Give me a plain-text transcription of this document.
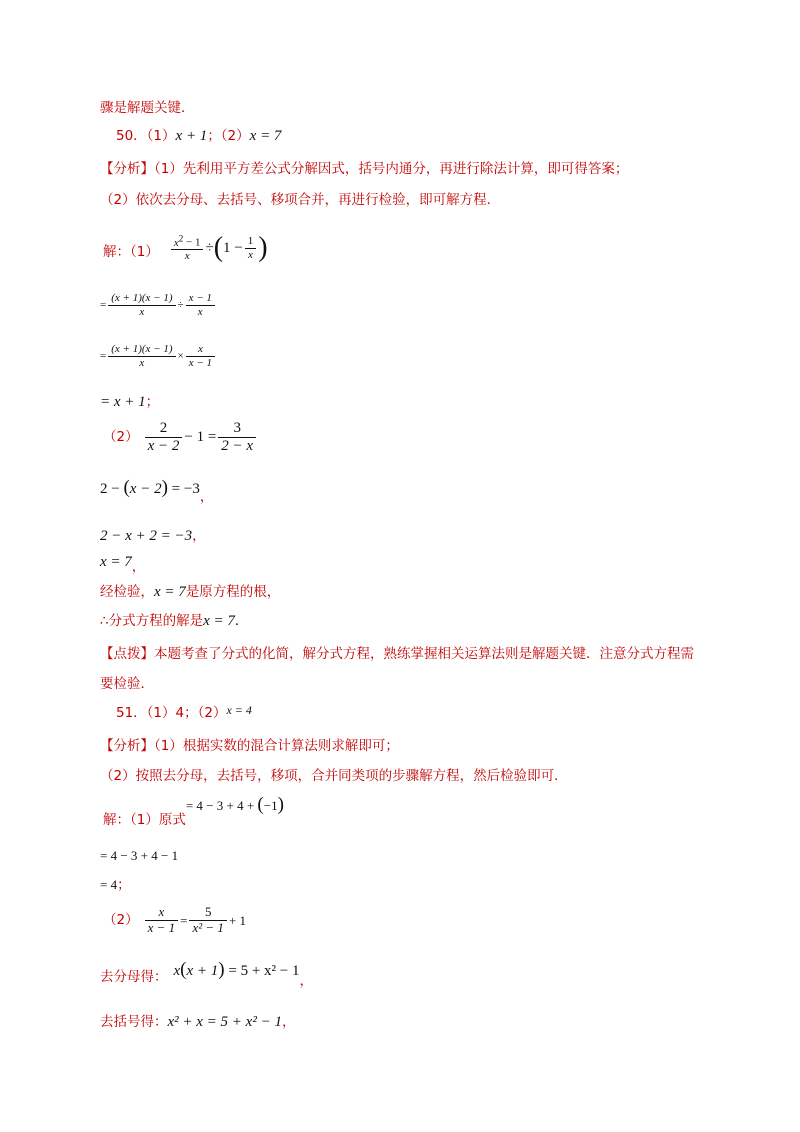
骤是解题关键．
50．（1）x + 1；（2）x = 7
【分析】（1）先利用平方差公式分解因式，括号内通分，再进行除法计算，即可得答案；
（2）依次去分母、去括号、移项合并，再进行检验，即可解方程．
解：$(1) \frac{x^2 - 1}{x}$ ÷ ( $1 - \frac{1}{x}$ )
= $\frac{(x + 1)(x - 1)}{x} \div \frac{x - 1}{x}$
= $\frac{(x + 1)(x - 1)}{x} \times \frac{x}{x - 1}$
= x + 1；
$(2) \frac{2}{x - 2} - 1 = \frac{3}{2 - x}$
$2 - (x - 2) = -3_,$
2 − x + 2 = −3，
$x = 7_,$
经检验，x = 7是原方程的根，
∴分式方程的解是x = 7．
【点拨】本题考查了分式的化简，解分式方程，熟练掌握相关运算法则是解题关键．注意分式方程需
要检验．
51．（1）4；（2）x = 4
【分析】（1）根据实数的混合计算法则求解即可；
（2）按照去分母，去括号，移项，合并同类项的步骤解方程，然后检验即可．
$_{解:(1)原式}$= 4 − 3 + 4 + (−1)
= 4 − 3 + 4 − 1
= 4；
$(2) \frac{x}{x - 1} = \frac{5}{\text{x² − 1}} + 1$
$_{去分母得:}$ $x(x + 1) = 5 + x^2 - 1_,$
去括号得：x² + x = 5 + x² − 1，
